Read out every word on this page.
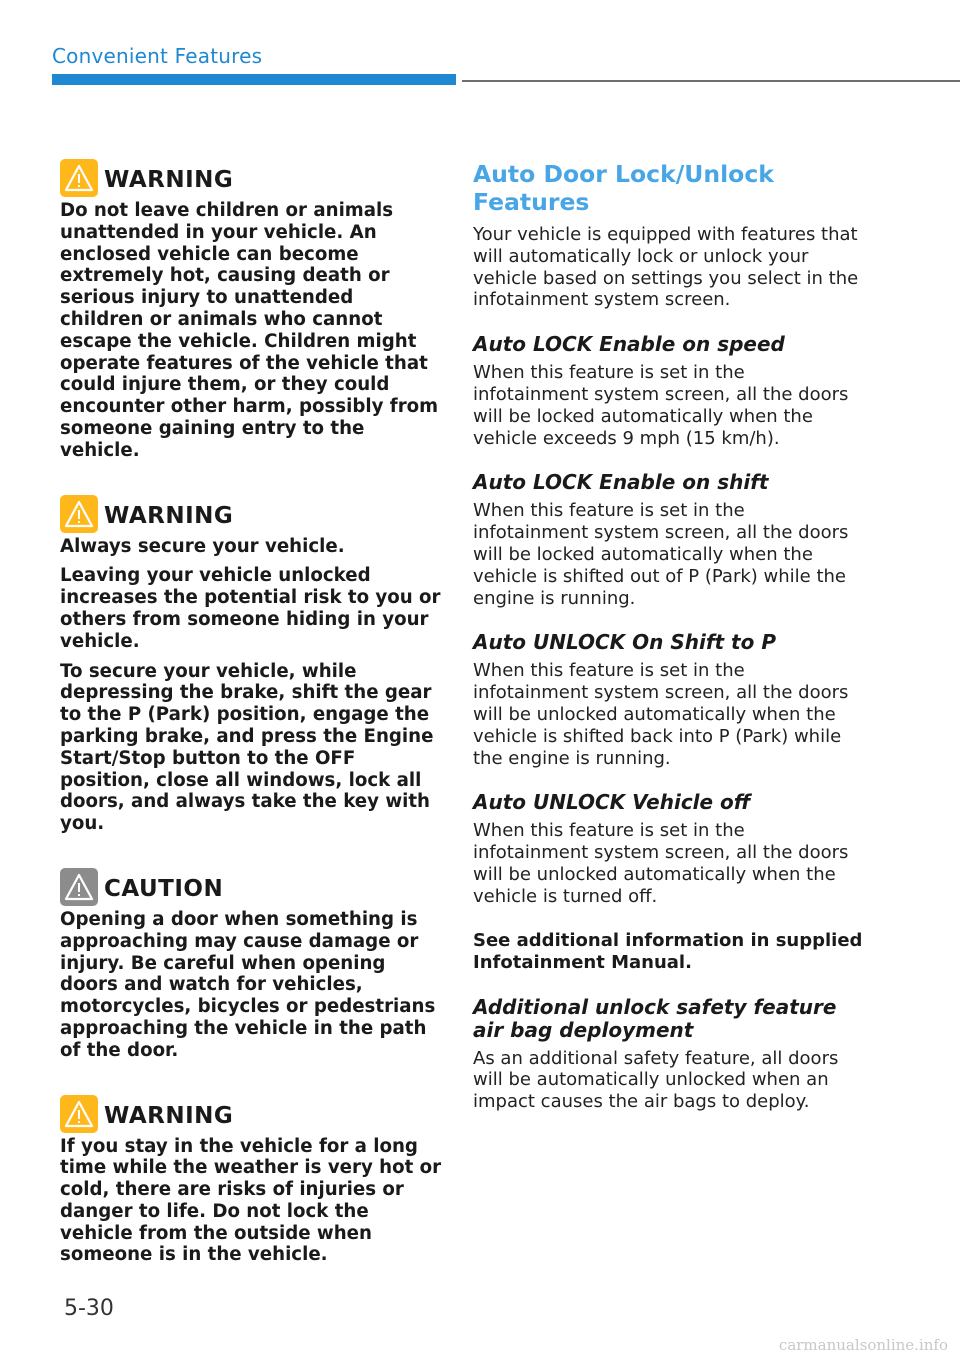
Convenient Features
WARNING

Do not leave children or animals unattended in your vehicle. An enclosed vehicle can become extremely hot, causing death or serious injury to unattended children or animals who cannot escape the vehicle. Children might operate features of the vehicle that could injure them, or they could encounter other harm, possibly from someone gaining entry to the vehicle.

WARNING

Always secure your vehicle.

Leaving your vehicle unlocked increases the potential risk to you or others from someone hiding in your vehicle.

To secure your vehicle, while depressing the brake, shift the gear to the P (Park) position, engage the parking brake, and press the Engine Start/Stop button to the OFF position, close all windows, lock all doors, and always take the key with you.

CAUTION

Opening a door when something is approaching may cause damage or injury. Be careful when opening doors and watch for vehicles, motorcycles, bicycles or pedestrians approaching the vehicle in the path of the door.

WARNING

If you stay in the vehicle for a long time while the weather is very hot or cold, there are risks of injuries or danger to life. Do not lock the vehicle from the outside when someone is in the vehicle.

Auto Door Lock/Unlock Features

Your vehicle is equipped with features that will automatically lock or unlock your vehicle based on settings you select in the infotainment system screen.

Auto LOCK Enable on speed

When this feature is set in the infotainment system screen, all the doors will be locked automatically when the vehicle exceeds 9 mph (15 km/h).

Auto LOCK Enable on shift

When this feature is set in the infotainment system screen, all the doors will be locked automatically when the vehicle is shifted out of P (Park) while the engine is running.

Auto UNLOCK On Shift to P

When this feature is set in the infotainment system screen, all the doors will be unlocked automatically when the vehicle is shifted back into P (Park) while the engine is running.

Auto UNLOCK Vehicle off

When this feature is set in the infotainment system screen, all the doors will be unlocked automatically when the vehicle is turned off.

See additional information in supplied Infotainment Manual.

Additional unlock safety feature air bag deployment

As an additional safety feature, all doors will be automatically unlocked when an impact causes the air bags to deploy.

5-30
carmanualsonline.info
